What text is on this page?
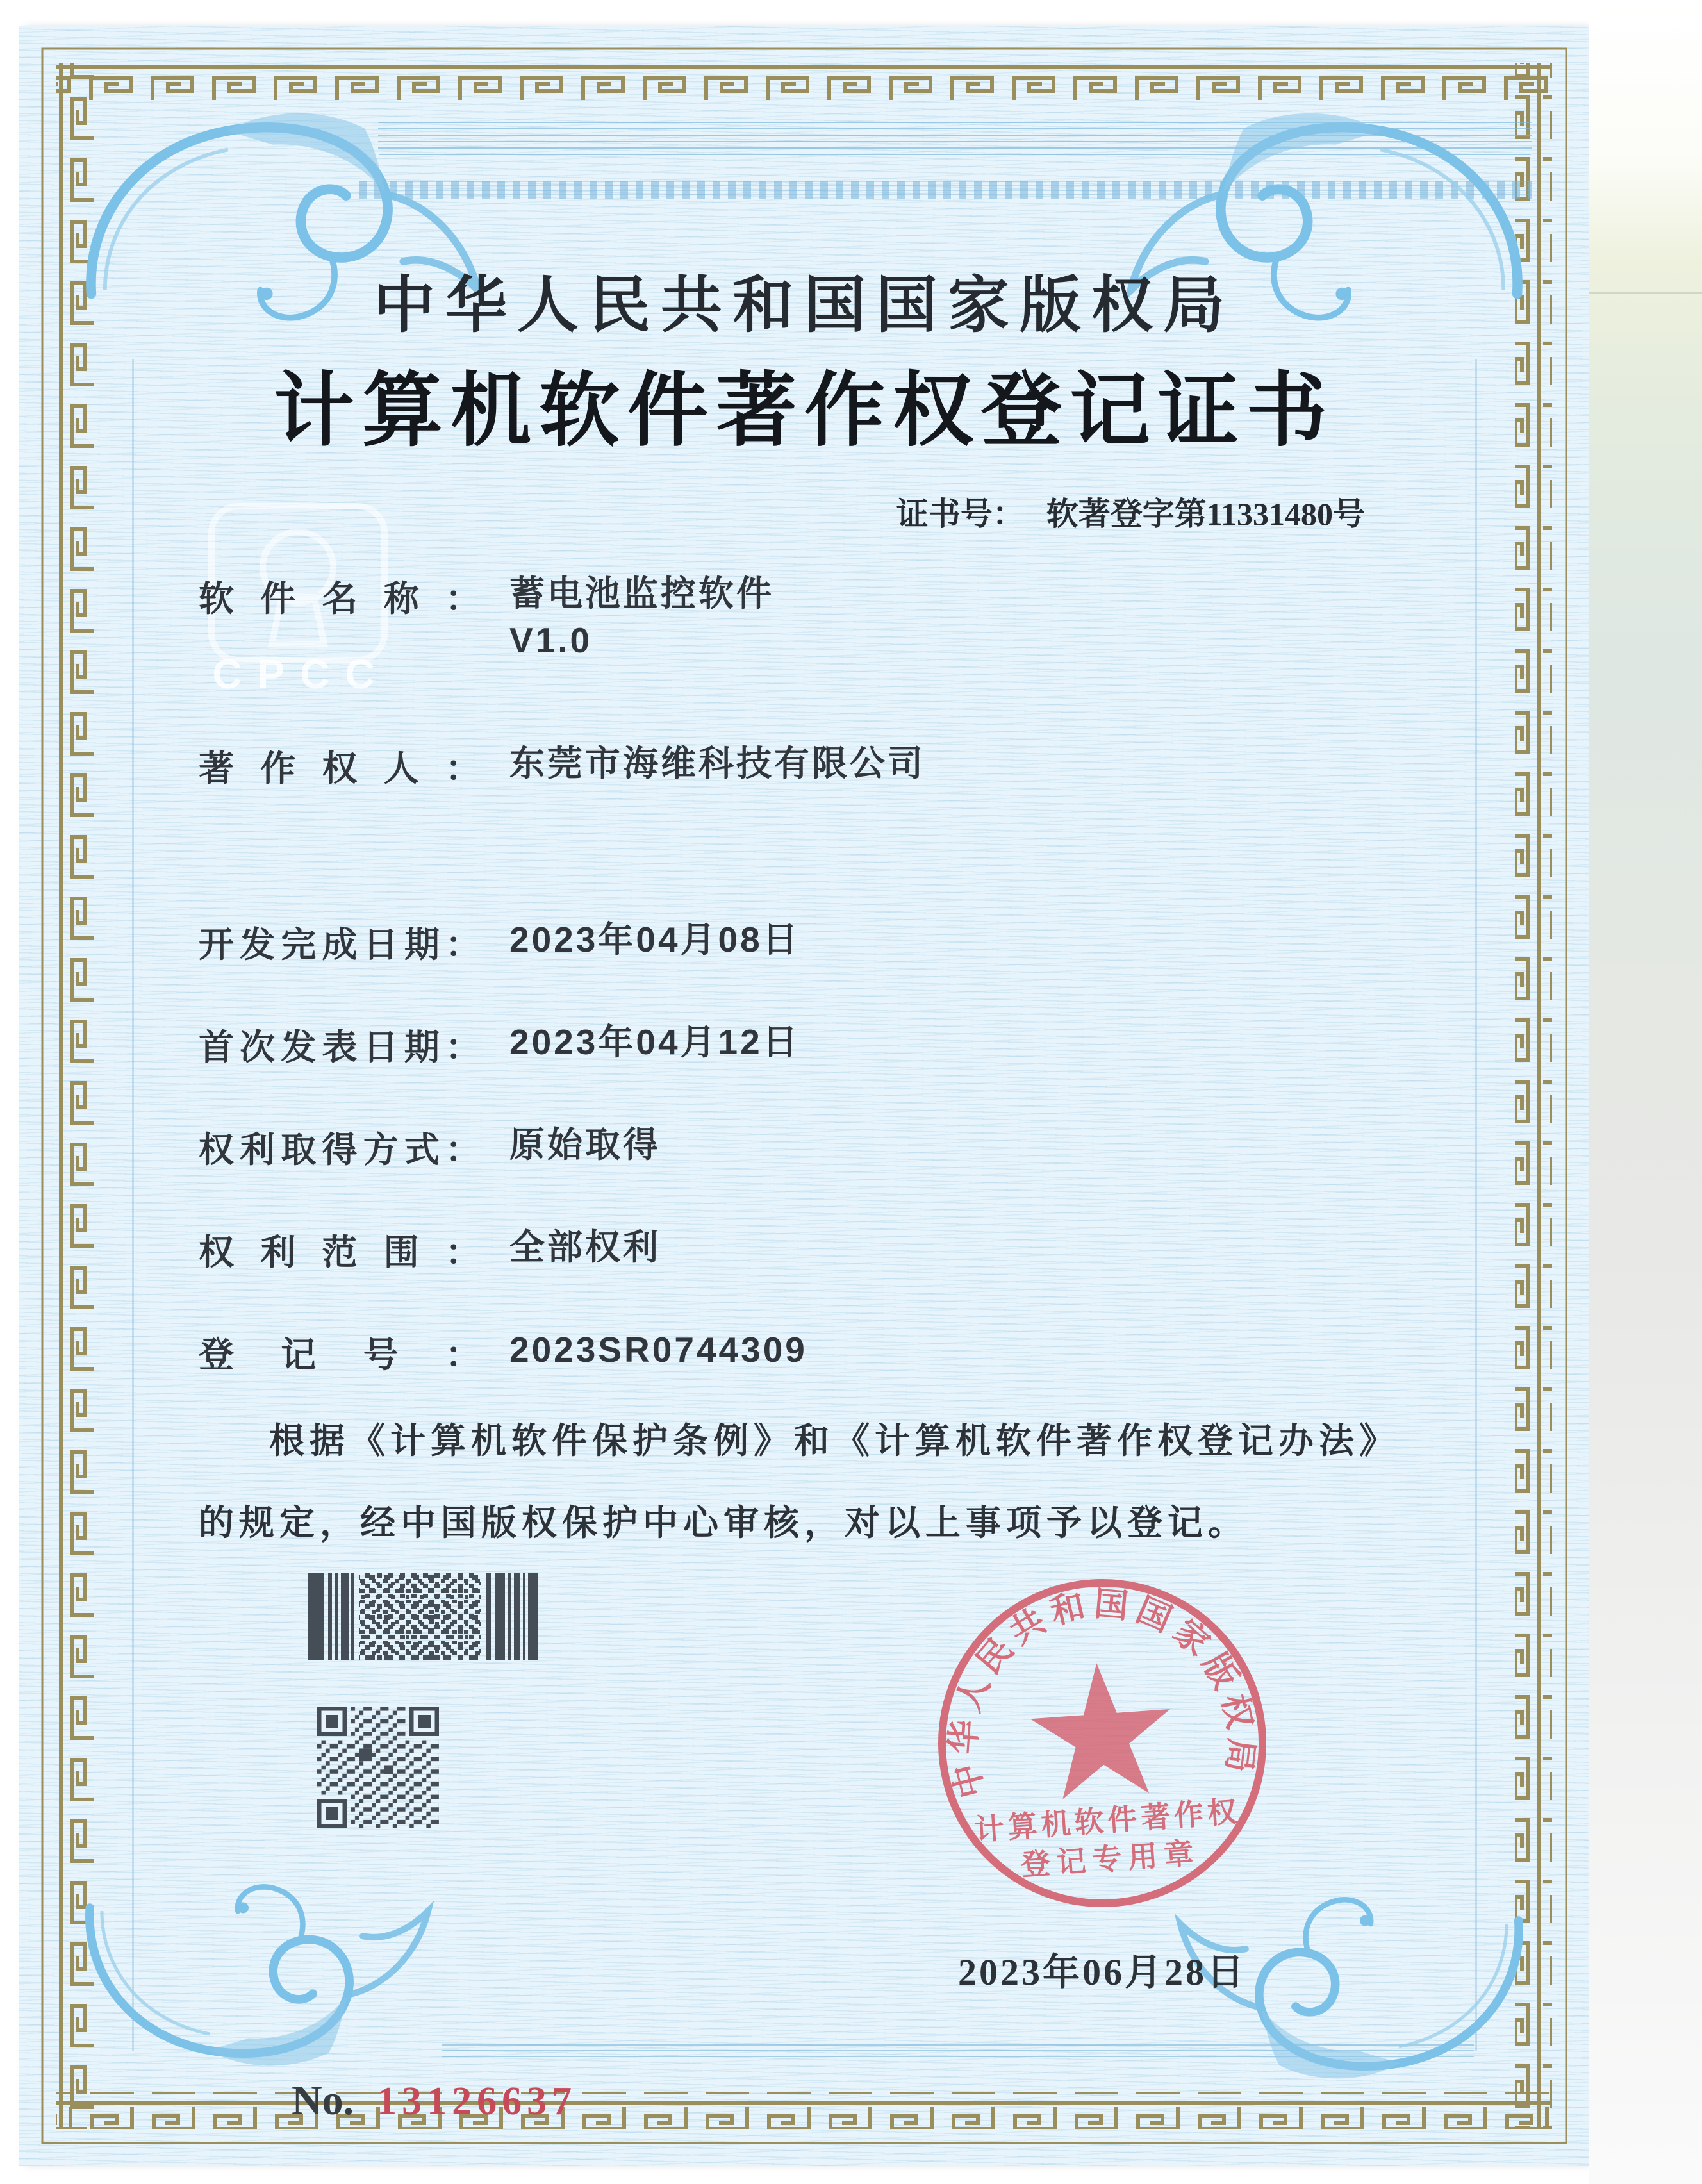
CPCC
中华人民共和国国家版权局
计算机软件著作权登记证书
证书号： 软著登字第11331480号
软件名称： 蓄电池监控软件
V1.0
著作权人： 东莞市海维科技有限公司
开发完成日期： 2023年04月08日
首次发表日期： 2023年04月12日
权利取得方式： 原始取得
权利范围： 全部权利
登记号： 2023SR0744309
根据《计算机软件保护条例》和《计算机软件著作权登记办法》的规定，经中国版权保护中心审核，对以上事项予以登记。
中华人民共和国国家版权局
计算机软件著作权
登记专用章
2023年06月28日
No. 13126637
